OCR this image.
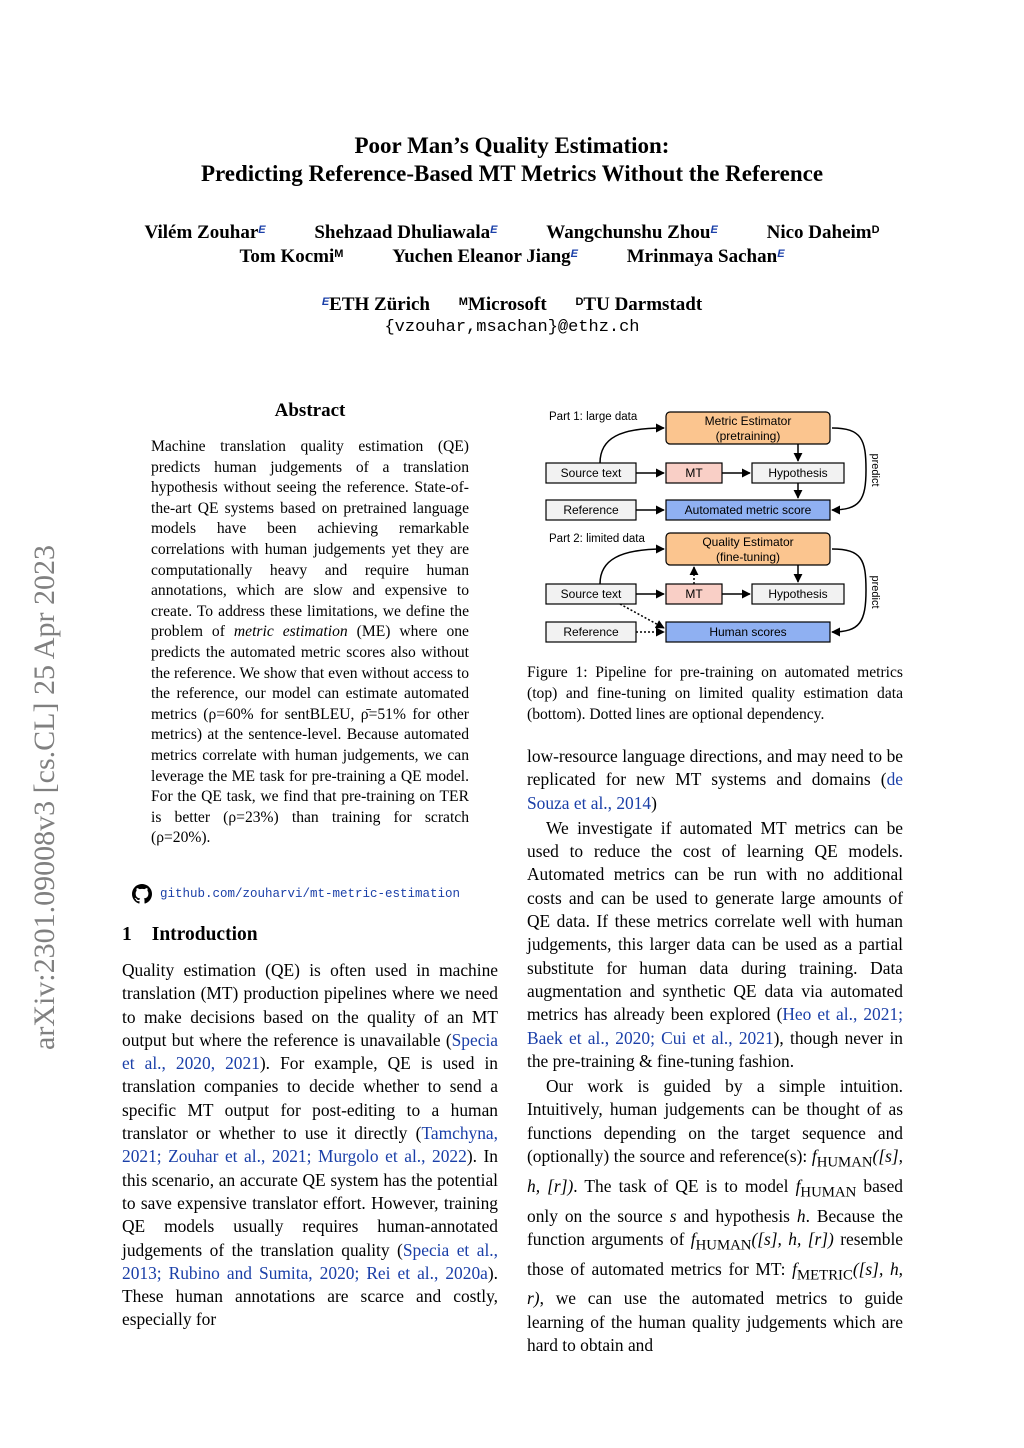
arXiv:2301.09008v3 [cs.CL] 25 Apr 2023
Poor Man’s Quality Estimation:
Predicting Reference-Based MT Metrics Without the Reference
Vilém Zouhar$^E$	Shehzaad Dhuliawala$^E$	Wangchunshu Zhou$^E$	Nico Daheim$^D$
Tom Kocmi$^M$	Yuchen Eleanor Jiang$^E$	Mrinmaya Sachan$^E$
$^E$ETH Zürich	$^M$Microsoft	$^D$TU Darmstadt
{vzouhar,msachan}@ethz.ch
Abstract
Machine translation quality estimation (QE) predicts human judgements of a translation hypothesis without seeing the reference. State-of-the-art QE systems based on pretrained language models have been achieving remarkable correlations with human judgements yet they are computationally heavy and require human annotations, which are slow and expensive to create. To address these limitations, we define the problem of metric estimation (ME) where one predicts the automated metric scores also without the reference. We show that even without access to the reference, our model can estimate automated metrics (ρ=60% for sentBLEU, ρ̄=51% for other metrics) at the sentence-level. Because automated metrics correlate with human judgements, we can leverage the ME task for pre-training a QE model. For the QE task, we find that pre-training on TER is better (ρ=23%) than training for scratch (ρ=20%).
github.com/zouharvi/mt-metric-estimation
1 Introduction

Quality estimation (QE) is often used in machine translation (MT) production pipelines where we need to make decisions based on the quality of an MT output but where the reference is unavailable (Specia et al., 2020, 2021). For example, QE is used in translation companies to decide whether to send a specific MT output for post-editing to a human translator or whether to use it directly (Tamchyna, 2021; Zouhar et al., 2021; Murgolo et al., 2022). In this scenario, an accurate QE system has the potential to save expensive translator effort. However, training QE models usually requires human-annotated judgements of the translation quality (Specia et al., 2013; Rubino and Sumita, 2020; Rei et al., 2020a). These human annotations are scarce and costly, especially for

Part 1: large data	Metric Estimator
(pretraining)
Source text	MT	Hypothesis
Reference	Automated metric score
predict
Part 2: limited data	Quality Estimator
(fine-tuning)
Source text	MT	Hypothesis
Reference	Human scores
predict
Figure 1: Pipeline for pre-training on automated metrics (top) and fine-tuning on limited quality estimation data (bottom). Dotted lines are optional dependency.

low-resource language directions, and may need to be replicated for new MT systems and domains (de Souza et al., 2014)

We investigate if automated MT metrics can be used to reduce the cost of learning QE models. Automated metrics can be run with no additional costs and can be used to generate large amounts of QE data. If these metrics correlate well with human judgements, this larger data can be used as a partial substitute for human data during training. Data augmentation and synthetic QE data via automated metrics has already been explored (Heo et al., 2021; Baek et al., 2020; Cui et al., 2021), though never in the pre-training & fine-tuning fashion.

Our work is guided by a simple intuition. Intuitively, human judgements can be thought of as functions depending on the target sequence and (optionally) the source and reference(s): $f_{HUMAN}([s]$, h, [r]). The task of QE is to model $f_{HUMAN}$ based only on the source s and hypothesis h. Because the function arguments of $f_{HUMAN}([s]$, h, [r]) resemble those of automated metrics for MT: $f_{METRIC}([s]$, h, r), we can use the automated metrics to guide learning of the human quality judgements which are hard to obtain and
